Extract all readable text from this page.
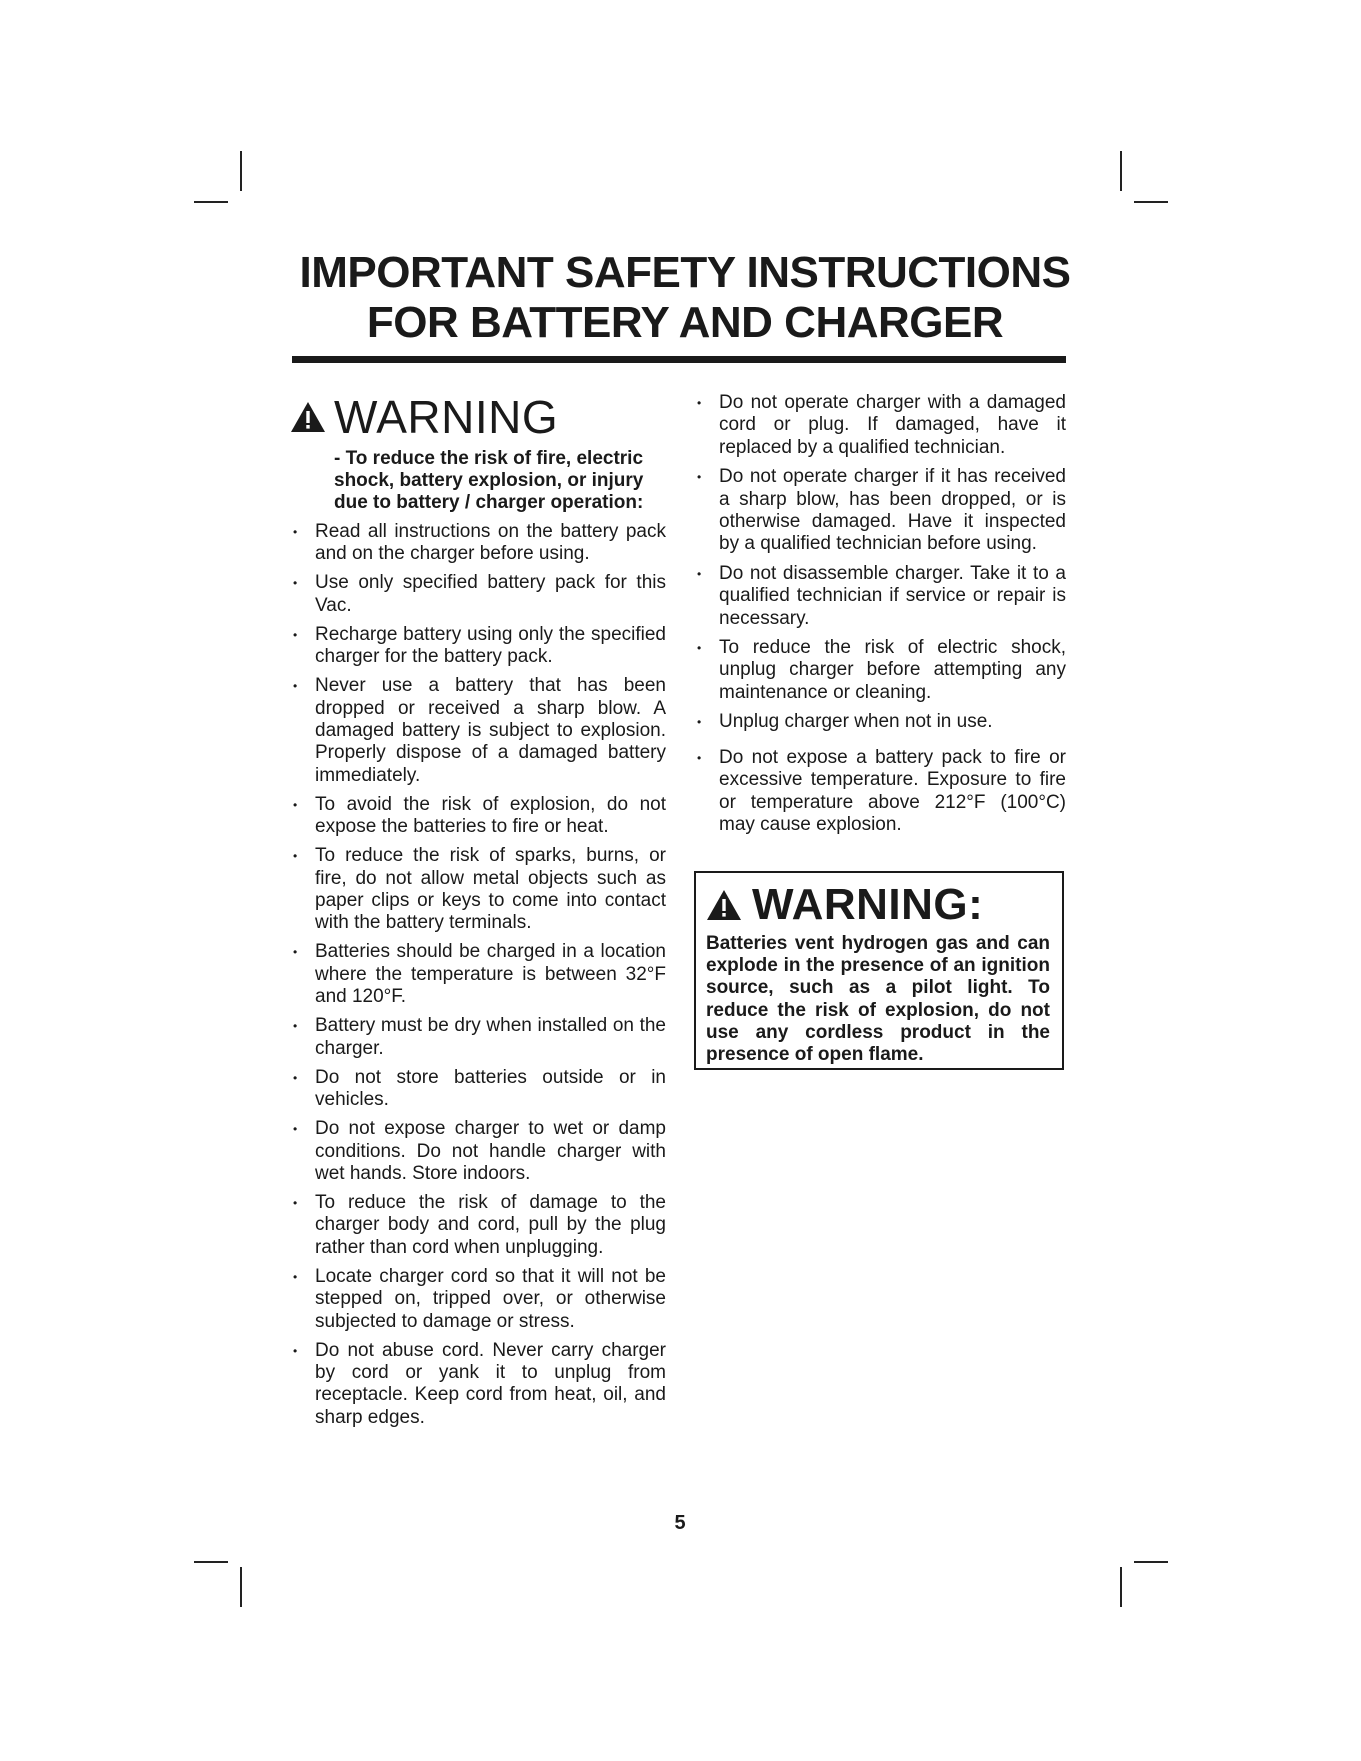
IMPORTANT SAFETY INSTRUCTIONS
FOR BATTERY AND CHARGER
WARNING

- To reduce the risk of fire, electric shock, battery explosion, or injury due to battery / charger operation:

• Read all instructions on the battery pack and on the charger before using.
• Use only specified battery pack for this Vac.
• Recharge battery using only the specified charger for the battery pack.
• Never use a battery that has been dropped or received a sharp blow. A damaged battery is subject to explosion. Properly dispose of a damaged battery immediately.
• To avoid the risk of explosion, do not expose the batteries to fire or heat.
• To reduce the risk of sparks, burns, or fire, do not allow metal objects such as paper clips or keys to come into contact with the battery terminals.
• Batteries should be charged in a location where the temperature is between 32°F and 120°F.
• Battery must be dry when installed on the charger.
• Do not store batteries outside or in vehicles.
• Do not expose charger to wet or damp conditions. Do not handle charger with wet hands. Store indoors.
• To reduce the risk of damage to the charger body and cord, pull by the plug rather than cord when unplugging.
• Locate charger cord so that it will not be stepped on, tripped over, or otherwise subjected to damage or stress.
• Do not abuse cord. Never carry charger by cord or yank it to unplug from receptacle. Keep cord from heat, oil, and sharp edges.
• Do not operate charger with a damaged cord or plug. If damaged, have it replaced by a qualified technician.
• Do not operate charger if it has received a sharp blow, has been dropped, or is otherwise damaged. Have it inspected by a qualified technician before using.
• Do not disassemble charger. Take it to a qualified technician if service or repair is necessary.
• To reduce the risk of electric shock, unplug charger before attempting any maintenance or cleaning.
• Unplug charger when not in use.
• Do not expose a battery pack to fire or excessive temperature. Exposure to fire or temperature above 212°F (100°C) may cause explosion.
WARNING:

Batteries vent hydrogen gas and can explode in the presence of an ignition source, such as a pilot light. To reduce the risk of explosion, do not use any cordless product in the presence of open flame.

5
